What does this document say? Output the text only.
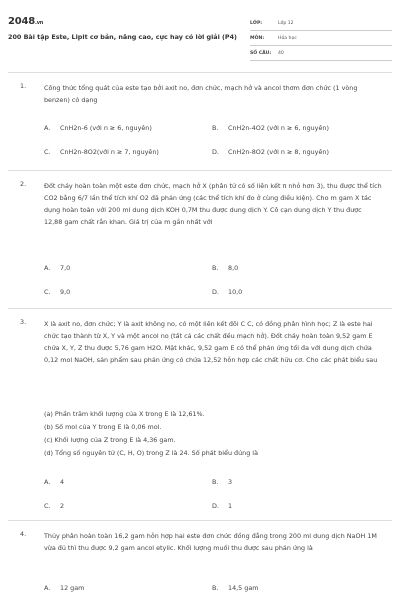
2048.vn
200 Bài tập Este, Lipit cơ bản, nâng cao, cực hay có lời giải (P4)
LỚP:	Lớp 12
MÔN:	Hóa học
SỐ CÂU:	40
1.	Công thức tổng quát của este tạo bởi axit no, đơn chức, mạch hở và ancol thơm đơn chức (1 vòng benzen) có dạng
A. CnH2n-6 (với n ≥ 6, nguyên)	B. CnH2n-4O2 (với n ≥ 6, nguyên)
C. CnH2n-8O2(với n ≥ 7, nguyên)	D. CnH2n-8O2 (với n ≥ 8, nguyên)
2.	Đốt cháy hoàn toàn một este đơn chức, mạch hở X (phân tử có số liên kết π nhỏ hơn 3), thu được thể tích CO2 bằng 6/7 lần thể tích khí O2 đã phản ứng (các thể tích khí đo ở cùng điều kiện). Cho m gam X tác dụng hoàn toàn với 200 ml dung dịch KOH 0,7M thu được dung dịch Y. Cô cạn dung dịch Y thu được 12,88 gam chất rắn khan. Giá trị của m gần nhất với
A. 7,0	B. 8,0
C. 9,0	D. 10,0
3.	X là axit no, đơn chức; Y là axit không no, có một liên kết đôi C C, có đồng phân hình học; Z là este hai chức tạo thành từ X, Y và một ancol no (tất cả các chất đều mạch hở). Đốt cháy hoàn toàn 9,52 gam E chứa X, Y, Z thu được 5,76 gam H2O. Mặt khác, 9,52 gam E có thể phản ứng tối đa với dung dịch chứa 0,12 mol NaOH, sản phẩm sau phản ứng có chứa 12,52 hỗn hợp các chất hữu cơ. Cho các phát biểu sau
(a) Phần trăm khối lượng của X trong E là 12,61%.
(b) Số mol của Y trong E là 0,06 mol.
(c) Khối lượng của Z trong E là 4,36 gam.
(d) Tổng số nguyên tử (C, H, O) trong Z là 24. Số phát biểu đúng là
A. 4	B. 3
C. 2	D. 1
4.	Thủy phân hoàn toàn 16,2 gam hỗn hợp hai este đơn chức đồng đẳng trong 200 ml dung dịch NaOH 1M vừa đủ thì thu được 9,2 gam ancol etylic. Khối lượng muối thu được sau phản ứng là
A. 12 gam	B. 14,5 gam
